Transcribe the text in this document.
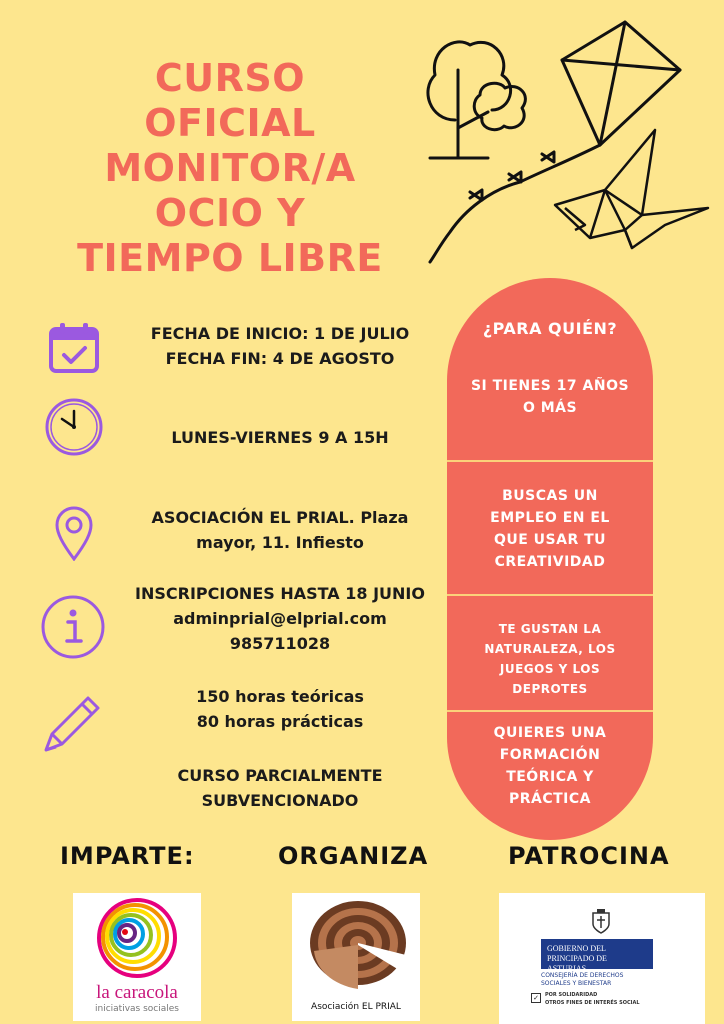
CURSO
OFICIAL
MONITOR/A
OCIO Y
TIEMPO LIBRE
FECHA DE INICIO: 1 DE JULIO
FECHA FIN: 4 DE AGOSTO
LUNES-VIERNES 9 A 15H
ASOCIACIÓN EL PRIAL. Plaza
mayor, 11. Infiesto
INSCRIPCIONES HASTA 18 JUNIO
adminprial@elprial.com
985711028
150 horas teóricas
80 horas prácticas
CURSO PARCIALMENTE
SUBVENCIONADO
¿PARA QUIÉN?
SI TIENES 17 AÑOS
O MÁS
BUSCAS UN
EMPLEO EN EL
QUE USAR TU
CREATIVIDAD
TE GUSTAN LA
NATURALEZA, LOS
JUEGOS Y LOS
DEPROTES
QUIERES UNA
FORMACIÓN
TEÓRICA Y
PRÁCTICA
IMPARTE:	ORGANIZA	PATROCINA
la caracola
iniciativas sociales	Asociación EL PRIAL
GOBIERNO DEL
PRINCIPADO DE ASTURIAS
CONSEJERÍA DE DERECHOS
SOCIALES Y BIENESTAR
✓	POR SOLIDARIDAD
OTROS FINES DE INTERÉS SOCIAL
